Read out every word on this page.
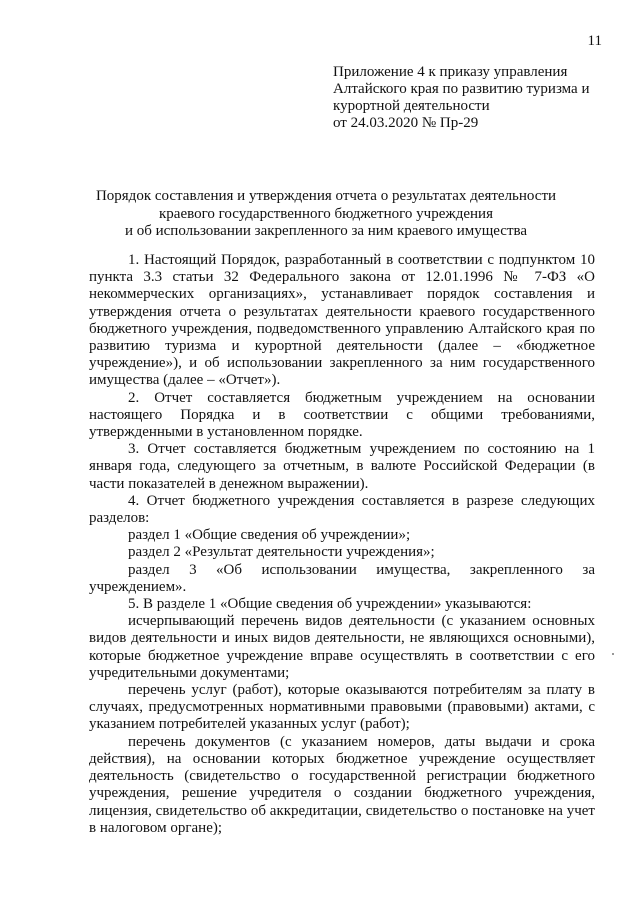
11
Приложение 4 к приказу управления
Алтайского края по развитию туризма и
курортной деятельности
от 24.03.2020 № Пр-29
Порядок составления и утверждения отчета о результатах деятельности
краевого государственного бюджетного учреждения
и об использовании закрепленного за ним краевого имущества

1. Настоящий Порядок, разработанный в соответствии с подпунктом 10 пункта 3.3 статьи 32 Федерального закона от 12.01.1996 № 7-ФЗ «О некоммерческих организациях», устанавливает порядок составления и утверждения отчета о результатах деятельности краевого государственного бюджетного учреждения, подведомственного управлению Алтайского края по развитию туризма и курортной деятельности (далее – «бюджетное учреждение»), и об использовании закрепленного за ним государственного имущества (далее – «Отчет»).

2. Отчет составляется бюджетным учреждением на основании настоящего Порядка и в соответствии с общими требованиями, утвержденными в установленном порядке.

3. Отчет составляется бюджетным учреждением по состоянию на 1 января года, следующего за отчетным, в валюте Российской Федерации (в части показателей в денежном выражении).

4. Отчет бюджетного учреждения составляется в разрезе следующих разделов:

раздел 1 «Общие сведения об учреждении»;

раздел 2 «Результат деятельности учреждения»;

раздел 3 «Об использовании имущества, закрепленного за учреждением».

5. В разделе 1 «Общие сведения об учреждении» указываются:

исчерпывающий перечень видов деятельности (с указанием основных видов деятельности и иных видов деятельности, не являющихся основными), которые бюджетное учреждение вправе осуществлять в соответствии с его учредительными документами;

перечень услуг (работ), которые оказываются потребителям за плату в случаях, предусмотренных нормативными правовыми (правовыми) актами, с указанием потребителей указанных услуг (работ);

перечень документов (с указанием номеров, даты выдачи и срока действия), на основании которых бюджетное учреждение осуществляет деятельность (свидетельство о государственной регистрации бюджетного учреждения, решение учредителя о создании бюджетного учреждения, лицензия, свидетельство об аккредитации, свидетельство о постановке на учет в налоговом органе);
